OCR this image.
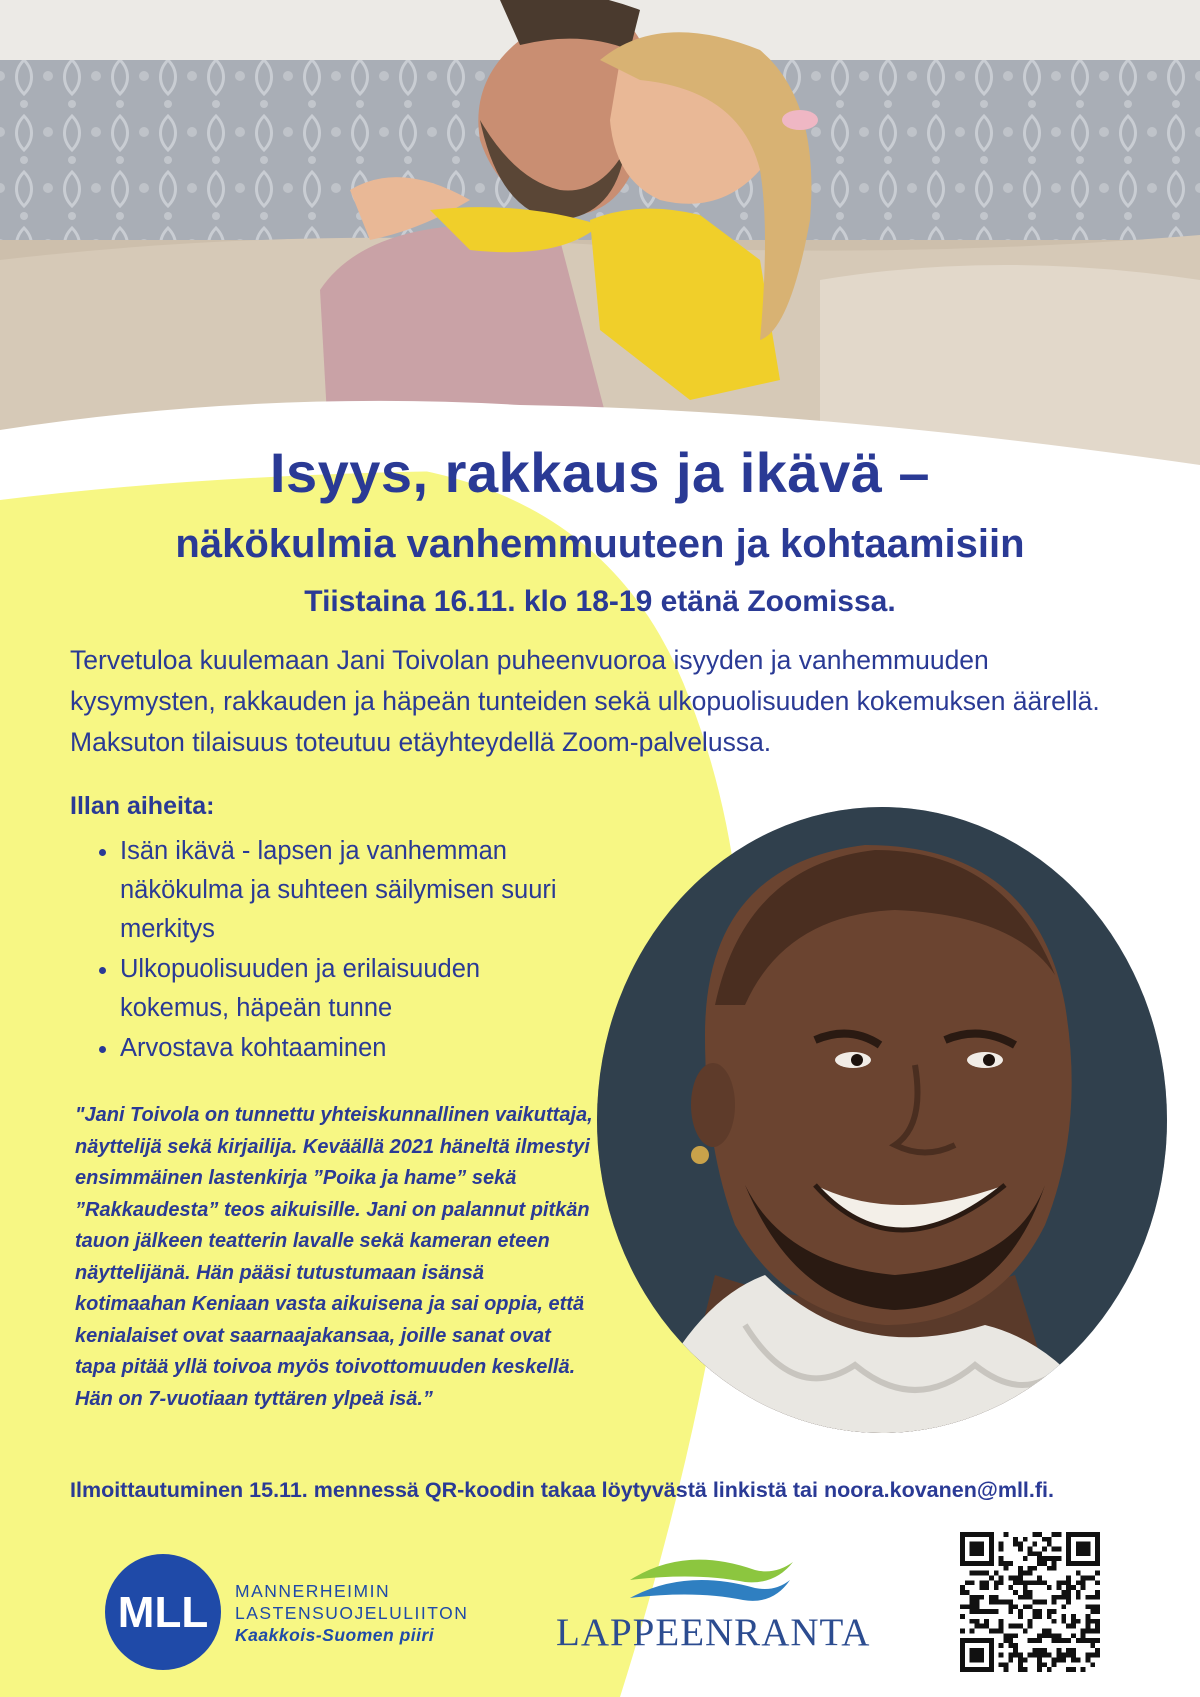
Isyys, rakkaus ja ikävä –
näkökulmia vanhemmuuteen ja kohtaamisiin
Tiistaina 16.11. klo 18-19 etänä Zoomissa.

Tervetuloa kuulemaan Jani Toivolan puheenvuoroa isyyden ja vanhemmuuden kysymysten, rakkauden ja häpeän tunteiden sekä ulkopuolisuuden kokemuksen äärellä. Maksuton tilaisuus toteutuu etäyhteydellä Zoom-palvelussa.

Illan aiheita:

• Isän ikävä - lapsen ja vanhemman näkökulma ja suhteen säilymisen suuri merkitys
• Ulkopuolisuuden ja erilaisuuden kokemus, häpeän tunne
• Arvostava kohtaaminen

"Jani Toivola on tunnettu yhteiskunnallinen vaikuttaja, näyttelijä sekä kirjailija. Keväällä 2021 häneltä ilmestyi ensimmäinen lastenkirja ”Poika ja hame” sekä ”Rakkaudesta” teos aikuisille. Jani on palannut pitkän tauon jälkeen teatterin lavalle sekä kameran eteen näyttelijänä. Hän pääsi tutustumaan isänsä kotimaahan Keniaan vasta aikuisena ja sai oppia, että kenialaiset ovat saarnaajakansaa, joille sanat ovat tapa pitää yllä toivoa myös toivottomuuden keskellä. Hän on 7-vuotiaan tyttären ylpeä isä.”

Ilmoittautuminen 15.11. mennessä QR-koodin takaa löytyvästä linkistä tai noora.kovanen@mll.fi.

MLL MANNERHEIMIN
LASTENSUOJELULIITON
Kaakkois-Suomen piiri	LAPPEENRANTA
